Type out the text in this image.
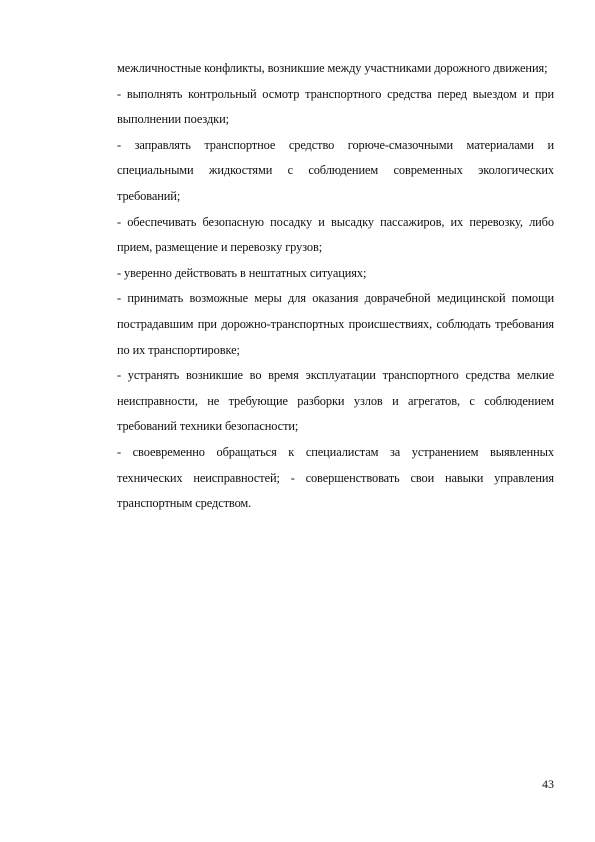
межличностные конфликты, возникшие между участниками дорожного движения;

- выполнять контрольный осмотр транспортного средства перед выездом и при выполнении поездки;

- заправлять транспортное средство горюче-смазочными материалами и специальными жидкостями с соблюдением современных экологических требований;

- обеспечивать безопасную посадку и высадку пассажиров, их перевозку, либо прием, размещение и перевозку грузов;

- уверенно действовать в нештатных ситуациях;

- принимать возможные меры для оказания доврачебной медицинской помощи пострадавшим при дорожно-транспортных происшествиях, соблюдать требования по их транспортировке;

- устранять возникшие во время эксплуатации транспортного средства мелкие неисправности, не требующие разборки узлов и агрегатов, с соблюдением требований техники безопасности;

- своевременно обращаться к специалистам за устранением выявленных технических неисправностей; - совершенствовать свои навыки управления транспортным средством.

43
